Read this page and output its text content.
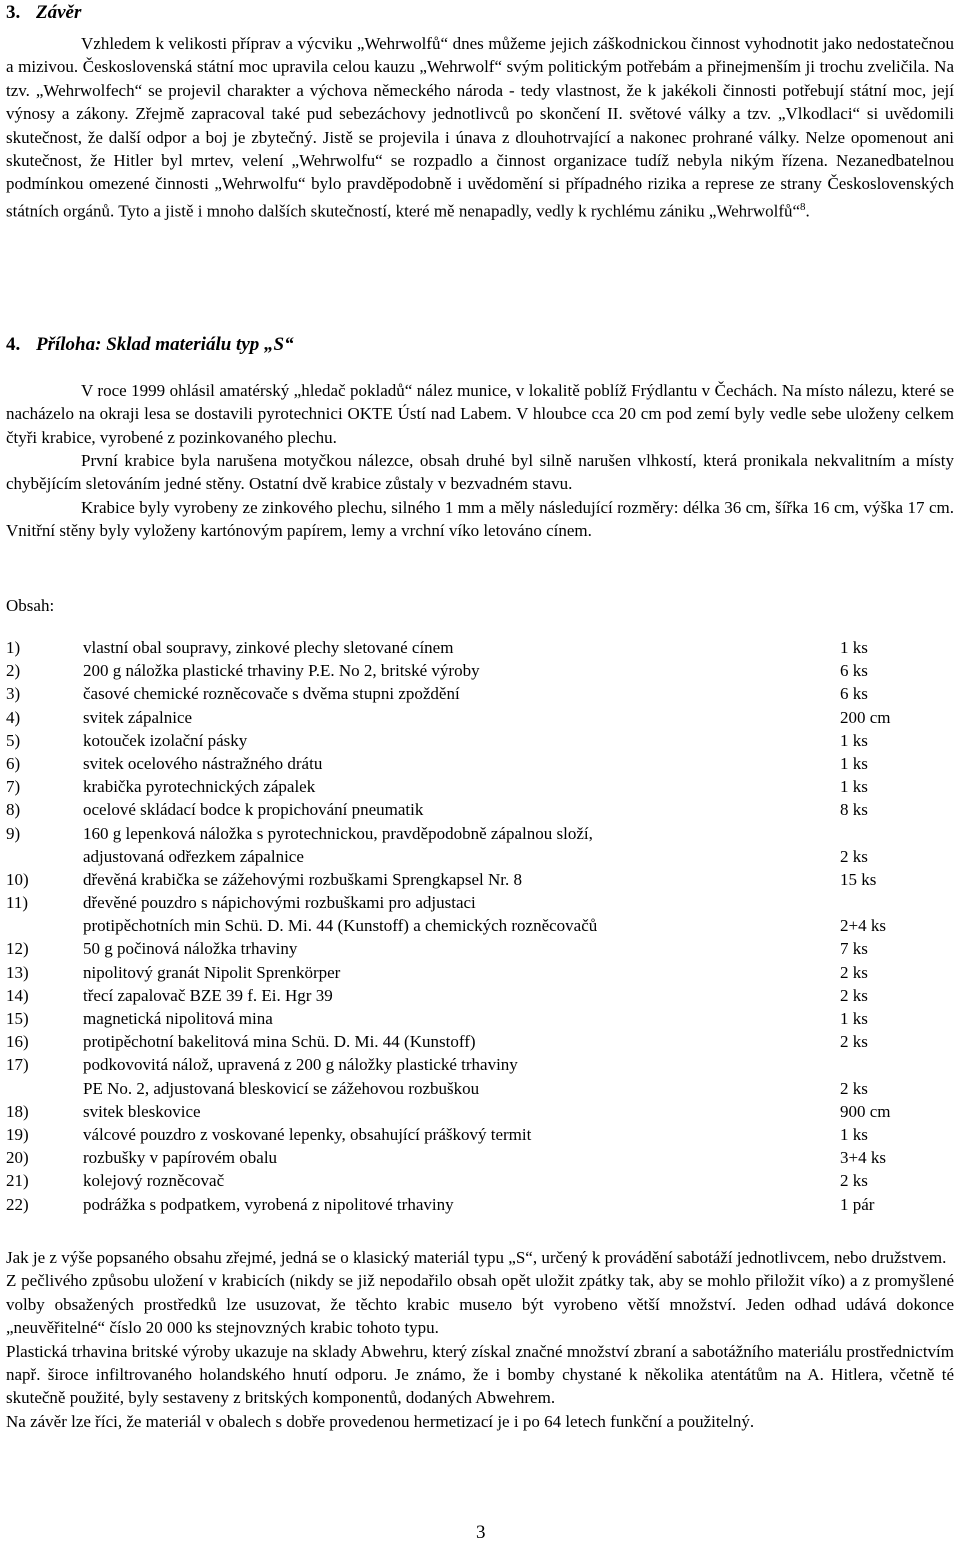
3. Závěr

Vzhledem k velikosti příprav a výcviku „Wehrwolfů“ dnes můžeme jejich záškodnickou činnost vyhodnotit jako nedostatečnou a mizivou. Československá státní moc upravila celou kauzu „Wehrwolf“ svým politickým potřebám a přinejmenším ji trochu zveličila. Na tzv. „Wehrwolfech“ se projevil charakter a výchova německého národa - tedy vlastnost, že k jakékoli činnosti potřebují státní moc, její výnosy a zákony. Zřejmě zapracoval také pud sebezáchovy jednotlivců po skončení II. světové války a tzv. „Vlkodlaci“ si uvědomili skutečnost, že další odpor a boj je zbytečný. Jistě se projevila i únava z dlouhotrvající a nakonec prohrané války. Nelze opomenout ani skutečnost, že Hitler byl mrtev, velení „Wehrwolfu“ se rozpadlo a činnost organizace tudíž nebyla nikým řízena. Nezanedbatelnou podmínkou omezené činnosti „Wehrwolfu“ bylo pravděpodobně i uvědomění si případného rizika a represe ze strany Československých státních orgánů. Tyto a jistě i mnoho dalších skutečností, které mě nenapadly, vedly k rychlému zániku „Wehrwolfů“$^8$.

4. Příloha: Sklad materiálu typ „S“

V roce 1999 ohlásil amatérský „hledač pokladů“ nález munice, v lokalitě poblíž Frýdlantu v Čechách. Na místo nálezu, které se nacházelo na okraji lesa se dostavili pyrotechnici OKTE Ústí nad Labem. V hloubce cca 20 cm pod zemí byly vedle sebe uloženy celkem čtyři krabice, vyrobené z pozinkovaného plechu.

První krabice byla narušena motyčkou nálezce, obsah druhé byl silně narušen vlhkostí, která pronikala nekvalitním a místy chybějícím sletováním jedné stěny. Ostatní dvě krabice zůstaly v bezvadném stavu.

Krabice byly vyrobeny ze zinkového plechu, silného 1 mm a měly následující rozměry: délka 36 cm, šířka 16 cm, výška 17 cm. Vnitřní stěny byly vyloženy kartónovým papírem, lemy a vrchní víko letováno cínem.

Obsah:
1)	vlastní obal soupravy, zinkové plechy sletované cínem	1 ks
2)	200 g náložka plastické trhaviny P.E. No 2, britské výroby	6 ks
3)	časové chemické rozněcovače s dvěma stupni zpoždění	6 ks
4)	svitek zápalnice	200 cm
5)	kotouček izolační pásky	1 ks
6)	svitek ocelového nástražného drátu	1 ks
7)	krabička pyrotechnických zápalek	1 ks
8)	ocelové skládací bodce k propichování pneumatik	8 ks
9)	160 g lepenková náložka s pyrotechnickou, pravděpodobně zápalnou složí,
adjustovaná odřezkem zápalnice	2 ks
10)	dřevěná krabička se zážehovými rozbuškami Sprengkapsel Nr. 8	15 ks
11)	dřevěné pouzdro s nápichovými rozbuškami pro adjustaci
protipěchotních min Schü. D. Mi. 44 (Kunstoff) a chemických rozněcovačů	2+4 ks
12)	50 g počinová náložka trhaviny	7 ks
13)	nipolitový granát Nipolit Sprenkörper	2 ks
14)	třecí zapalovač BZE 39 f. Ei. Hgr 39	2 ks
15)	magnetická nipolitová mina	1 ks
16)	protipěchotní bakelitová mina Schü. D. Mi. 44 (Kunstoff)	2 ks
17)	podkovovitá nálož, upravená z 200 g náložky plastické trhaviny
PE No. 2, adjustovaná bleskovicí se zážehovou rozbuškou	2 ks
18)	svitek bleskovice	900 cm
19)	válcové pouzdro z voskované lepenky, obsahující práškový termit	1 ks
20)	rozbušky v papírovém obalu	3+4 ks
21)	kolejový rozněcovač	2 ks
22)	podrážka s podpatkem, vyrobená z nipolitové trhaviny	1 pár

Jak je z výše popsaného obsahu zřejmé, jedná se o klasický materiál typu „S“, určený k provádění sabotáží jednotlivcem, nebo družstvem.

Z pečlivého způsobu uložení v krabicích (nikdy se již nepodařilo obsah opět uložit zpátky tak, aby se mohlo přiložit víko) a z promyšlené volby obsažených prostředků lze usuzovat, že těchto krabic musело být vyrobeno větší množství. Jeden odhad udává dokonce „neuvěřitelné“ číslo 20 000 ks stejnovzných krabic tohoto typu.

Plastická trhavina britské výroby ukazuje na sklady Abwehru, který získal značné množství zbraní a sabotážního materiálu prostřednictvím např. široce infiltrovaného holandského hnutí odporu. Je známo, že i bomby chystané k několika atentátům na A. Hitlera, včetně té skutečně použité, byly sestaveny z britských komponentů, dodaných Abwehrem.

Na závěr lze říci, že materiál v obalech s dobře provedenou hermetizací je i po 64 letech funkční a použitelný.

3
